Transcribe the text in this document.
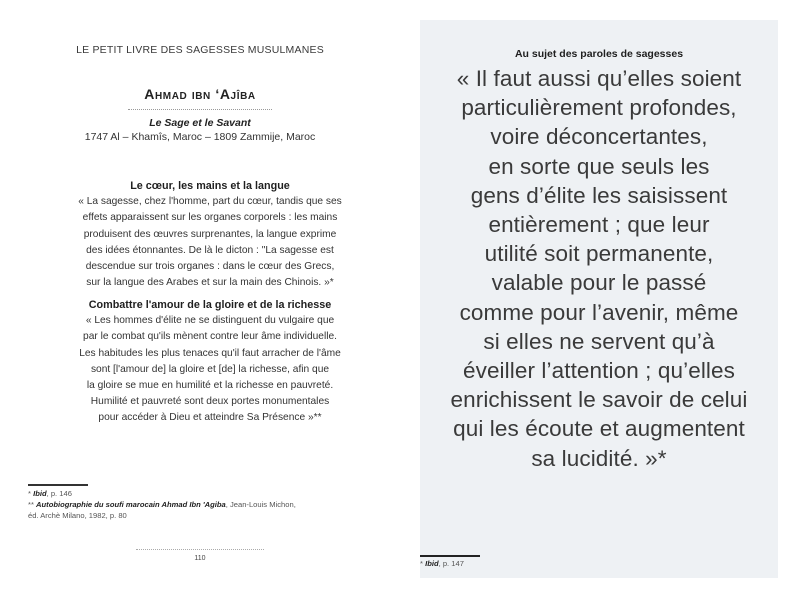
LE PETIT LIVRE DES SAGESSES MUSULMANES
Ahmad ibn ‘Ajîba
Le Sage et le Savant
1747 Al – Khamîs, Maroc – 1809 Zammije, Maroc
Le cœur, les mains et la langue
« La sagesse, chez l'homme, part du cœur, tandis que ses
effets apparaissent sur les organes corporels : les mains
produisent des œuvres surprenantes, la langue exprime
des idées étonnantes. De là le dicton : "La sagesse est
descendue sur trois organes : dans le cœur des Grecs,
sur la langue des Arabes et sur la main des Chinois. »*
Combattre l'amour de la gloire et de la richesse
« Les hommes d'élite ne se distinguent du vulgaire que
par le combat qu'ils mènent contre leur âme individuelle.
Les habitudes les plus tenaces qu'il faut arracher de l'âme
sont [l'amour de] la gloire et [de] la richesse, afin que
la gloire se mue en humilité et la richesse en pauvreté.
Humilité et pauvreté sont deux portes monumentales
pour accéder à Dieu et atteindre Sa Présence »**
* Ibid, p. 146
** Autobiographie du soufi marocain Ahmad Ibn 'Agiba, Jean-Louis Michon,
éd. Archè Milano, 1982, p. 80
110
Au sujet des paroles de sagesses
« Il faut aussi qu’elles soient
particulièrement profondes,
voire déconcertantes,
en sorte que seuls les
gens d’élite les saisissent
entièrement ; que leur
utilité soit permanente,
valable pour le passé
comme pour l’avenir, même
si elles ne servent qu’à
éveiller l’attention ; qu’elles
enrichissent le savoir de celui
qui les écoute et augmentent
sa lucidité. »*
* Ibid, p. 147
